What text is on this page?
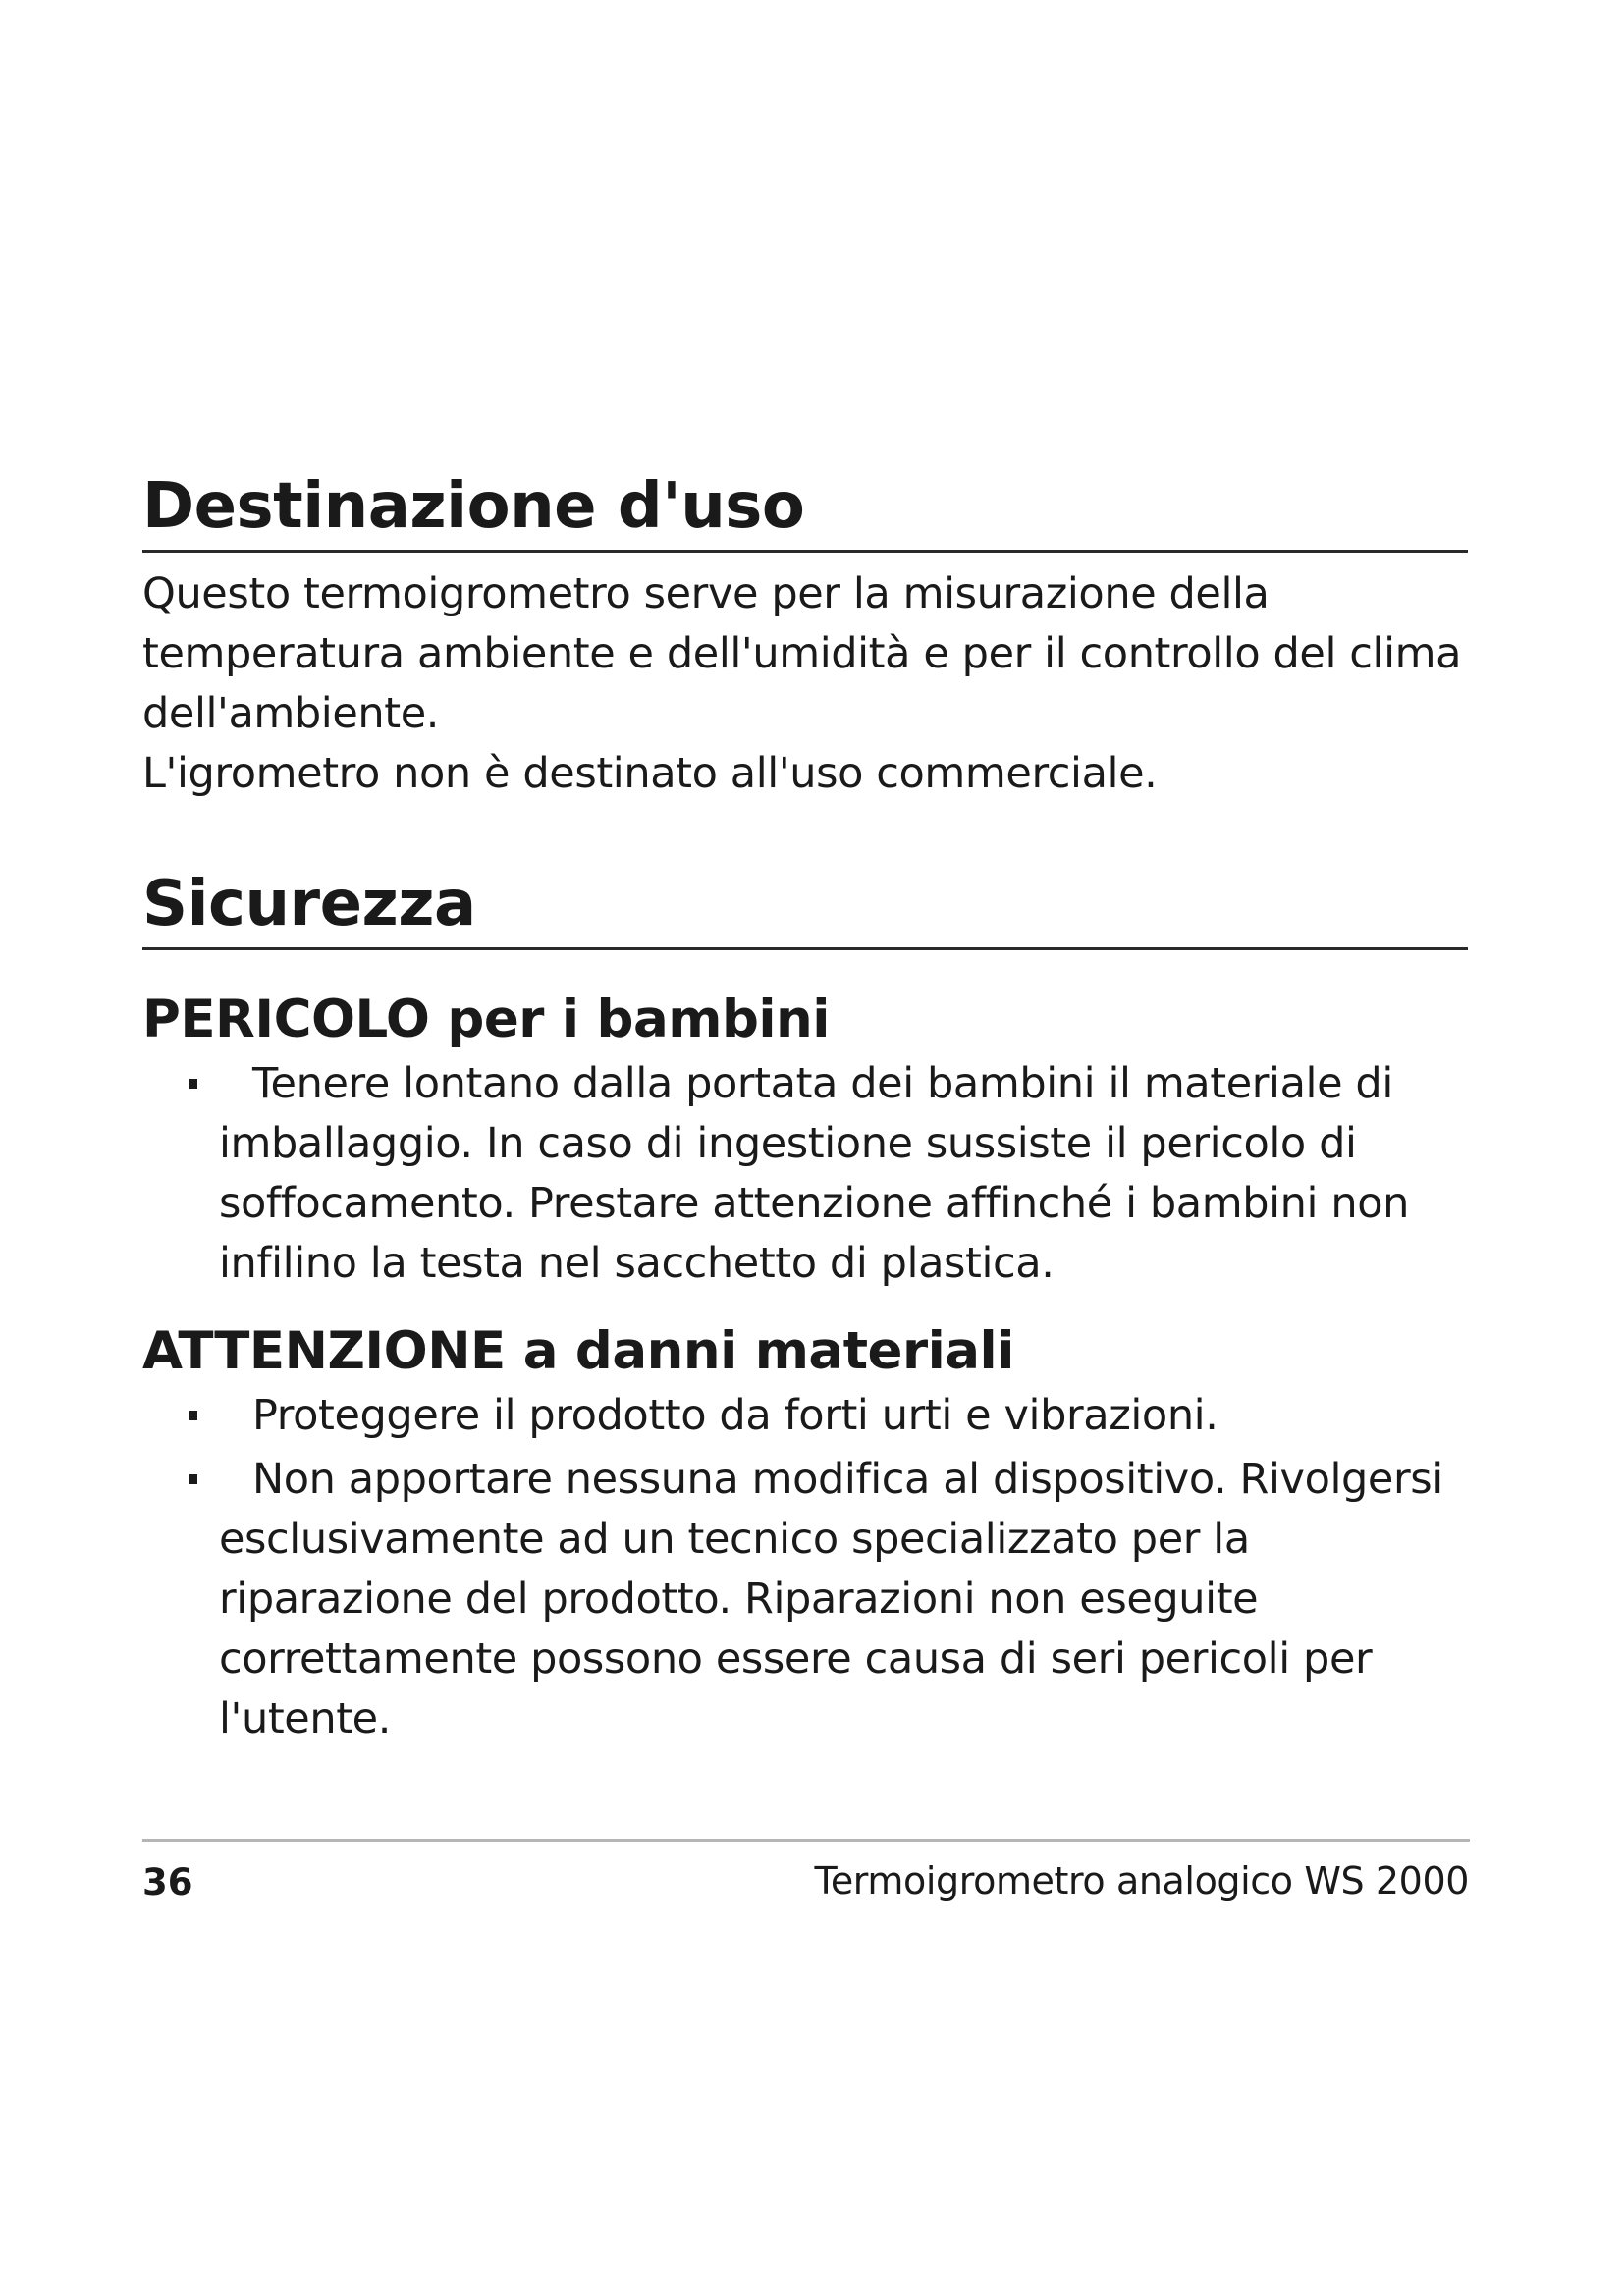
Destinazione d'uso

Questo termoigrometro serve per la misurazione della temperatura ambiente e dell'umidità e per il controllo del clima dell'ambiente.

L'igrometro non è destinato all'uso commerciale.

Sicurezza
PERICOLO per i bambini
Tenere lontano dalla portata dei bambini il materiale di imballaggio. In caso di ingestione sussiste il pericolo di soffocamento. Prestare attenzione affinché i bambini non infilino la testa nel sacchetto di plastica.
ATTENZIONE a danni materiali
Proteggere il prodotto da forti urti e vibrazioni.
Non apportare nessuna modifica al dispositivo. Rivolgersi esclusivamente ad un tecnico specializzato per la riparazione del prodotto. Riparazioni non eseguite correttamente possono essere causa di seri pericoli per l'utente.
36	Termoigrometro analogico WS 2000
